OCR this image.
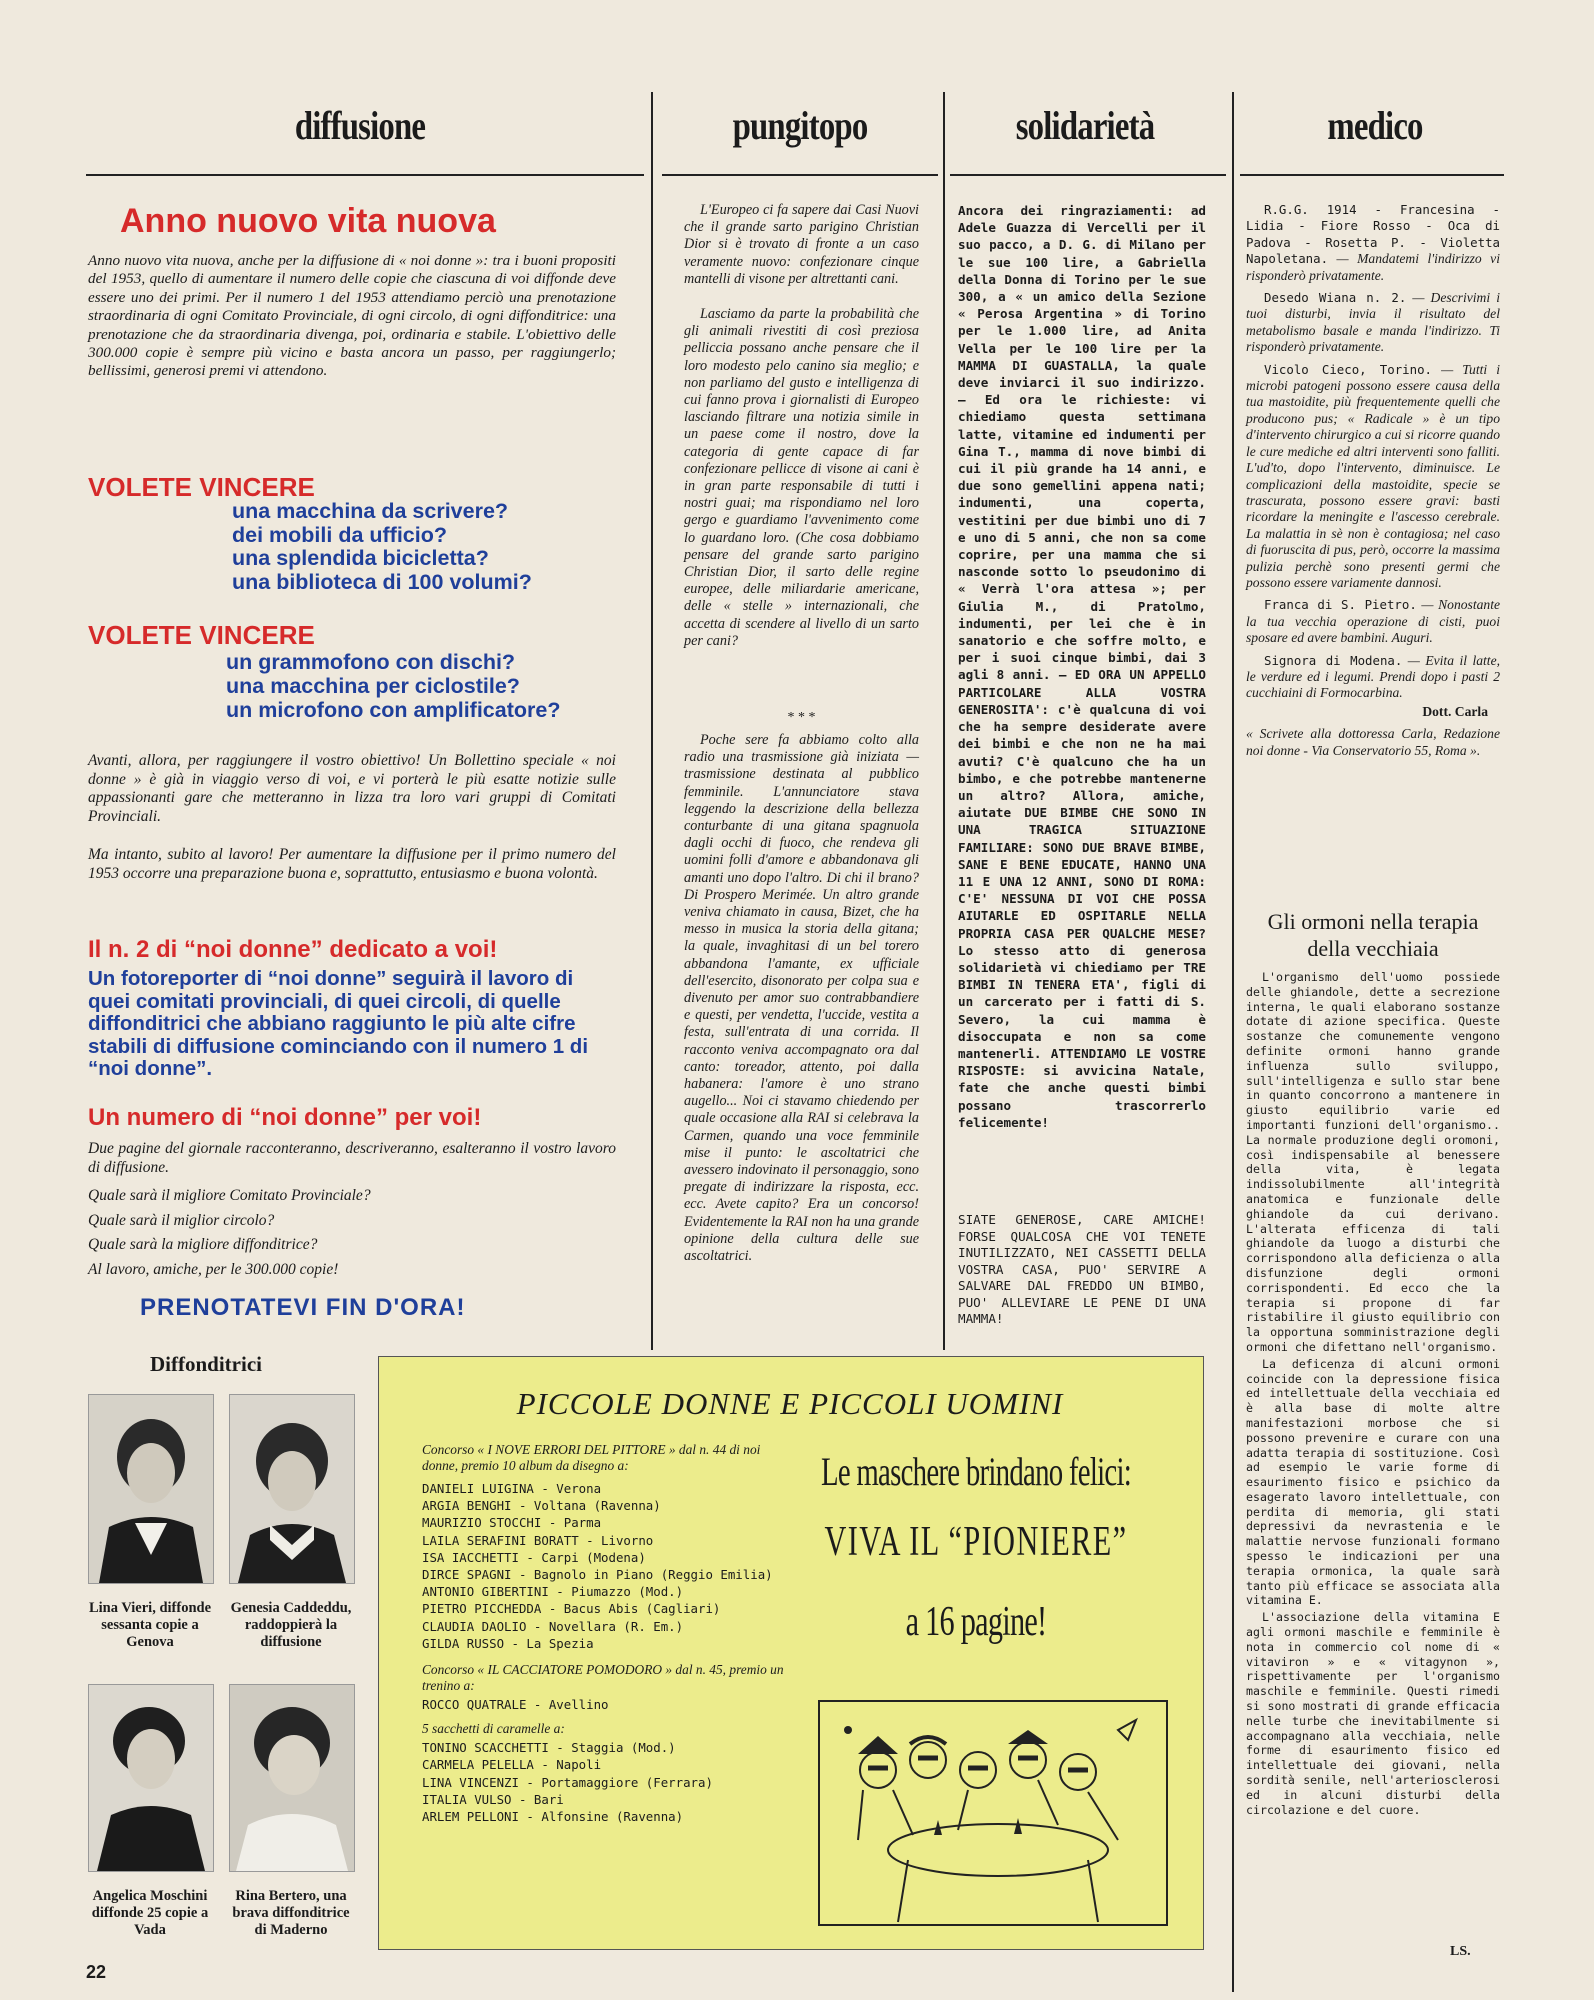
diffusione	pungitopo	solidarietà	medico
Anno nuovo vita nuova

Anno nuovo vita nuova, anche per la diffusione di « noi donne »: tra i buoni propositi del 1953, quello di aumentare il numero delle copie che ciascuna di voi diffonde deve essere uno dei primi. Per il numero 1 del 1953 attendiamo perciò una prenotazione straordinaria di ogni Comitato Provinciale, di ogni circolo, di ogni diffonditrice: una prenotazione che da straordinaria divenga, poi, ordinaria e stabile. L'obiettivo delle 300.000 copie è sempre più vicino e basta ancora un passo, per raggiungerlo; bellissimi, generosi premi vi attendono.

VOLETE VINCERE
una macchina da scrivere?
dei mobili da ufficio?
una splendida bicicletta?
una biblioteca di 100 volumi?
VOLETE VINCERE
un grammofono con dischi?
una macchina per ciclostile?
un microfono con amplificatore?

Avanti, allora, per raggiungere il vostro obiettivo! Un Bollettino speciale « noi donne » è già in viaggio verso di voi, e vi porterà le più esatte notizie sulle appassionanti gare che metteranno in lizza tra loro vari gruppi di Comitati Provinciali.

Ma intanto, subito al lavoro! Per aumentare la diffusione per il primo numero del 1953 occorre una preparazione buona e, soprattutto, entusiasmo e buona volontà.

Il n. 2 di “noi donne” dedicato a voi!

Un fotoreporter di “noi donne” seguirà il lavoro di quei comitati provinciali, di quei circoli, di quelle diffonditrici che abbiano raggiunto le più alte cifre stabili di diffusione cominciando con il numero 1 di “noi donne”.

Un numero di “noi donne” per voi!

Due pagine del giornale racconteranno, descriveranno, esalteranno il vostro lavoro di diffusione.

Quale sarà il migliore Comitato Provinciale?
Quale sarà il miglior circolo?
Quale sarà la migliore diffonditrice?
Al lavoro, amiche, per le 300.000 copie!
PRENOTATEVI FIN D'ORA!

L'Europeo ci fa sapere dai Casi Nuovi che il grande sarto parigino Christian Dior si è trovato di fronte a un caso veramente nuovo: confezionare cinque mantelli di visone per altrettanti cani.

Lasciamo da parte la probabilità che gli animali rivestiti di così preziosa pelliccia possano anche pensare che il loro modesto pelo canino sia meglio; e non parliamo del gusto e intelligenza di cui fanno prova i giornalisti di Europeo lasciando filtrare una notizia simile in un paese come il nostro, dove la categoria di gente capace di far confezionare pellicce di visone ai cani è in gran parte responsabile di tutti i nostri guai; ma rispondiamo nel loro gergo e guardiamo l'avvenimento come lo guardano loro. (Che cosa dobbiamo pensare del grande sarto parigino Christian Dior, il sarto delle regine europee, delle miliardarie americane, delle « stelle » internazionali, che accetta di scendere al livello di un sarto per cani?

* * *

Poche sere fa abbiamo colto alla radio una trasmissione già iniziata — trasmissione destinata al pubblico femminile. L'annunciatore stava leggendo la descrizione della bellezza conturbante di una gitana spagnuola dagli occhi di fuoco, che rendeva gli uomini folli d'amore e abbandonava gli amanti uno dopo l'altro. Di chi il brano? Di Prospero Merimée. Un altro grande veniva chiamato in causa, Bizet, che ha messo in musica la storia della gitana; la quale, invaghitasi di un bel torero abbandona l'amante, ex ufficiale dell'esercito, disonorato per colpa sua e divenuto per amor suo contrabbandiere e questi, per vendetta, l'uccide, vestita a festa, sull'entrata di una corrida. Il racconto veniva accompagnato ora dal canto: toreador, attento, poi dalla habanera: l'amore è uno strano augello... Noi ci stavamo chiedendo per quale occasione alla RAI si celebrava la Carmen, quando una voce femminile mise il punto: le ascoltatrici che avessero indovinato il personaggio, sono pregate di indirizzare la risposta, ecc. ecc. Avete capito? Era un concorso! Evidentemente la RAI non ha una grande opinione della cultura delle sue ascoltatrici.

Ancora dei ringraziamenti: ad Adele Guazza di Vercelli per il suo pacco, a D. G. di Milano per le sue 100 lire, a Gabriella della Donna di Torino per le sue 300, a « un amico della Sezione « Perosa Argentina » di Torino per le 1.000 lire, ad Anita Vella per le 100 lire per la MAMMA DI GUASTALLA, la quale deve inviarci il suo indirizzo. — Ed ora le richieste: vi chiediamo questa settimana latte, vitamine ed indumenti per Gina T., mamma di nove bimbi di cui il più grande ha 14 anni, e due sono gemellini appena nati; indumenti, una coperta, vestitini per due bimbi uno di 7 e uno di 5 anni, che non sa come coprire, per una mamma che si nasconde sotto lo pseudonimo di « Verrà l'ora attesa »; per Giulia M., di Pratolmo, indumenti, per lei che è in sanatorio e che soffre molto, e per i suoi cinque bimbi, dai 3 agli 8 anni. — ED ORA UN APPELLO PARTICOLARE ALLA VOSTRA GENEROSITA': c'è qualcuna di voi che ha sempre desiderate avere dei bimbi e che non ne ha mai avuti? C'è qualcuno che ha un bimbo, e che potrebbe mantenerne un altro? Allora, amiche, aiutate DUE BIMBE CHE SONO IN UNA TRAGICA SITUAZIONE FAMILIARE: SONO DUE BRAVE BIMBE, SANE E BENE EDUCATE, HANNO UNA 11 E UNA 12 ANNI, SONO DI ROMA: C'E' NESSUNA DI VOI CHE POSSA AIUTARLE ED OSPITARLE NELLA PROPRIA CASA PER QUALCHE MESE? Lo stesso atto di generosa solidarietà vi chiediamo per TRE BIMBI IN TENERA ETA', figli di un carcerato per i fatti di S. Severo, la cui mamma è disoccupata e non sa come mantenerli. ATTENDIAMO LE VOSTRE RISPOSTE: si avvicina Natale, fate che anche questi bimbi possano trascorrerlo felicemente!

SIATE GENEROSE, CARE AMICHE! FORSE QUALCOSA CHE VOI TENETE INUTILIZZATO, NEI CASSETTI DELLA VOSTRA CASA, PUO' SERVIRE A SALVARE DAL FREDDO UN BIMBO, PUO' ALLEVIARE LE PENE DI UNA MAMMA!

R.G.G. 1914 - Francesina - Lidia - Fiore Rosso - Oca di Padova - Rosetta P. - Violetta Napoletana. — Mandatemi l'indirizzo vi risponderò privatamente.

Desedo Wiana n. 2. — Descrivimi i tuoi disturbi, invia il risultato del metabolismo basale e manda l'indirizzo. Ti risponderò privatamente.

Vicolo Cieco, Torino. — Tutti i microbi patogeni possono essere causa della tua mastoidite, più frequentemente quelli che producono pus; « Radicale » è un tipo d'intervento chirurgico a cui si ricorre quando le cure mediche ed altri interventi sono falliti. L'ud'to, dopo l'intervento, diminuisce. Le complicazioni della mastoidite, specie se trascurata, possono essere gravi: basti ricordare la meningite e l'ascesso cerebrale. La malattia in sè non è contagiosa; nel caso di fuoruscita di pus, però, occorre la massima pulizia perchè sono presenti germi che possono essere variamente dannosi.

Franca di S. Pietro. — Nonostante la tua vecchia operazione di cisti, puoi sposare ed avere bambini. Auguri.

Signora di Modena. — Evita il latte, le verdure ed i legumi. Prendi dopo i pasti 2 cucchiaini di Formocarbina.

Dott. Carla

« Scrivete alla dottoressa Carla, Redazione noi donne - Via Conservatorio 55, Roma ».

Gli ormoni nella terapia della vecchiaia

L'organismo dell'uomo possiede delle ghiandole, dette a secrezione interna, le quali elaborano sostanze dotate di azione specifica. Queste sostanze che comunemente vengono definite ormoni hanno grande influenza sullo sviluppo, sull'intelligenza e sullo star bene in quanto concorrono a mantenere in giusto equilibrio varie ed importanti funzioni dell'organismo.. La normale produzione degli oromoni, così indispensabile al benessere della vita, è legata indissolubilmente all'integrità anatomica e funzionale delle ghiandole da cui derivano. L'alterata efficenza di tali ghiandole da luogo a disturbi che corrispondono alla deficienza o alla disfunzione degli ormoni corrispondenti. Ed ecco che la terapia si propone di far ristabilire il giusto equilibrio con la opportuna somministrazione degli ormoni che difettano nell'organismo.

La deficenza di alcuni ormoni coincide con la depressione fisica ed intellettuale della vecchiaia ed è alla base di molte altre manifestazioni morbose che si possono prevenire e curare con una adatta terapia di sostituzione. Così ad esempio le varie forme di esaurimento fisico e psichico da esagerato lavoro intellettuale, con perdita di memoria, gli stati depressivi da nevrastenia e le malattie nervose funzionali formano spesso le indicazioni per una terapia ormonica, la quale sarà tanto più efficace se associata alla vitamina E.

L'associazione della vitamina E agli ormoni maschile e femminile è nota in commercio col nome di « vitaviron » e « vitagynon », rispettivamente per l'organismo maschile e femminile. Questi rimedi si sono mostrati di grande efficacia nelle turbe che inevitabilmente si accompagnano alla vecchiaia, nelle forme di esaurimento fisico ed intellettuale dei giovani, nella sordità senile, nell'arteriosclerosi ed in alcuni disturbi della circolazione e del cuore.

LS.
Diffonditrici
Lina Vieri, diffonde sessanta copie a Genova
Genesia Caddeddu, raddoppierà la diffusione
Angelica Moschini diffonde 25 copie a Vada
Rina Bertero, una brava diffonditrice di Maderno
PICCOLE DONNE E PICCOLI UOMINI

Concorso « I NOVE ERRORI DEL PITTORE » dal n. 44 di noi donne, premio 10 album da disegno a:

DANIELI LUIGINA - Verona
ARGIA BENGHI - Voltana (Ravenna)
MAURIZIO STOCCHI - Parma
LAILA SERAFINI BORATT - Livorno
ISA IACCHETTI - Carpi (Modena)
DIRCE SPAGNI - Bagnolo in Piano (Reggio Emilia)
ANTONIO GIBERTINI - Piumazzo (Mod.)
PIETRO PICCHEDDA - Bacus Abis (Cagliari)
CLAUDIA DAOLIO - Novellara (R. Em.)
GILDA RUSSO - La Spezia

Concorso « IL CACCIATORE POMODORO » dal n. 45, premio un trenino a:

ROCCO QUATRALE - Avellino

5 sacchetti di caramelle a:

TONINO SCACCHETTI - Staggia (Mod.)
CARMELA PELELLA - Napoli
LINA VINCENZI - Portamaggiore (Ferrara)
ITALIA VULSO - Bari
ARLEM PELLONI - Alfonsine (Ravenna)
Le maschere brindano felici:
VIVA IL “PIONIERE”
a 16 pagine!
22
